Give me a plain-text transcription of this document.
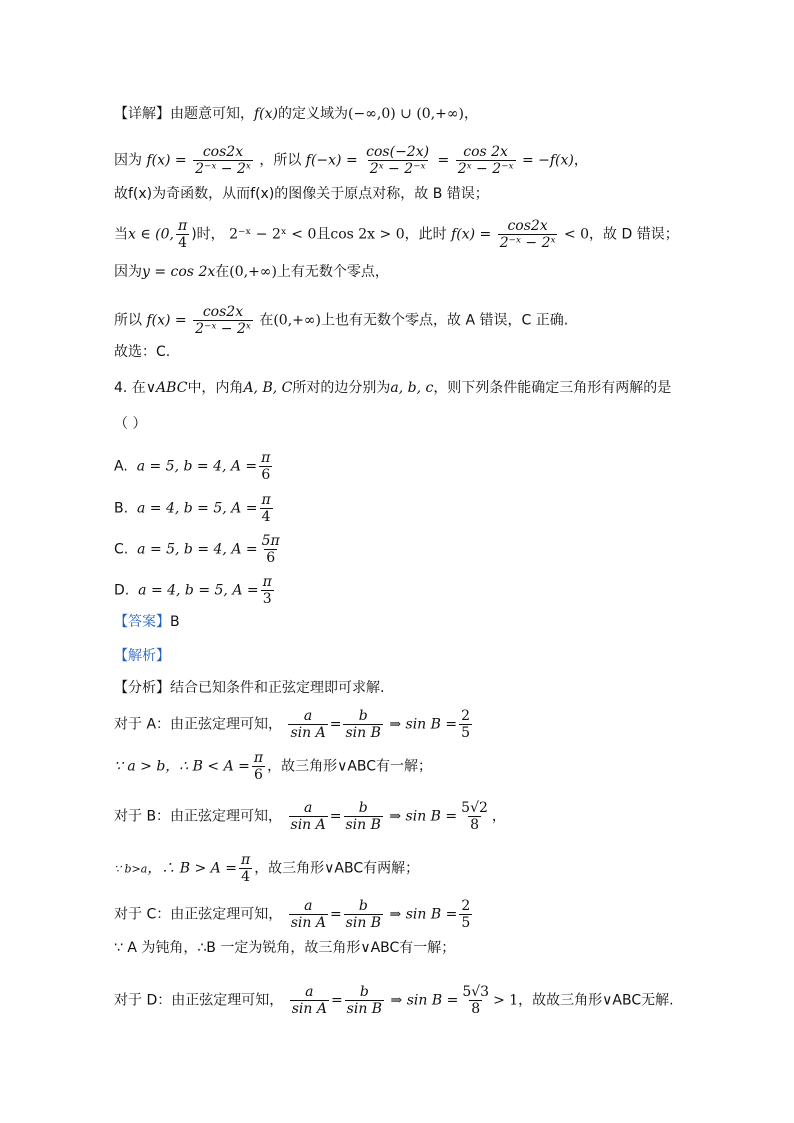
【详解】由题意可知，f(x)的定义域为(−∞,0) ∪ (0,+∞)，
因为 $f(x) = \frac{\cos 2x}{\text{2⁻ˣ − 2ˣ}}$ ，所以 $f(-x) = \frac{\cos(-2x)}{\text{2ˣ − 2⁻ˣ}} = \frac{\cos 2x}{\text{2ˣ − 2⁻ˣ}} = -f(x)$，
故f(x)为奇函数，从而f(x)的图像关于原点对称，故 B 错误；
当x ∈ (0, $\frac{\pi}{4}$ )时， 2⁻ˣ − 2ˣ < 0且cos 2x > 0，此时 $f(x) = \frac{\cos 2x}{\text{2⁻ˣ − 2ˣ}} < 0$，故 D 错误；
因为y = cos 2x在(0,+∞)上有无数个零点，
所以 $f(x) = \frac{\cos 2x}{\text{2⁻ˣ − 2ˣ}}$ 在(0,+∞)上也有无数个零点，故 A 错误，C 正确.
故选：C.
4. 在∨ABC中，内角A, B, C所对的边分别为a, b, c，则下列条件能确定三角形有两解的是
（ ）
A. a = 5, b = 4, $A = \frac{\pi}{6}$
B. a = 4, b = 5, $A = \frac{\pi}{4}$
C. a = 5, b = 4, $A = \frac{5\pi}{6}$
D. a = 4, b = 5, $A = \frac{\pi}{3}$
【答案】B
【解析】
【分析】结合已知条件和正弦定理即可求解.
对于 A：由正弦定理可知， $\frac{a}{\text{sin A}} = \frac{b}{\text{sin B}}$ ⇒ $\sin B = \frac{2}{5}$
∵ a > b，∴ $B < A = \frac{\pi}{6}$ ，故三角形∨ABC有一解；
对于 B：由正弦定理可知， $\frac{a}{\text{sin A}} = \frac{b}{\text{sin B}}$ ⇒ $\sin B = \frac{5√2}{8}$ ，
∵ b>a，∴ $B > A = \frac{\pi}{4}$ ，故三角形∨ABC有两解；
对于 C：由正弦定理可知， $\frac{a}{\text{sin A}} = \frac{b}{\text{sin B}}$ ⇒ $\sin B = \frac{2}{5}$
∵ A 为钝角，∴B 一定为锐角，故三角形∨ABC有一解；
对于 D：由正弦定理可知， $\frac{a}{\text{sin A}} = \frac{b}{\text{sin B}}$ ⇒ $\sin B = \frac{5√3}{8} > 1$，故故三角形∨ABC无解.
